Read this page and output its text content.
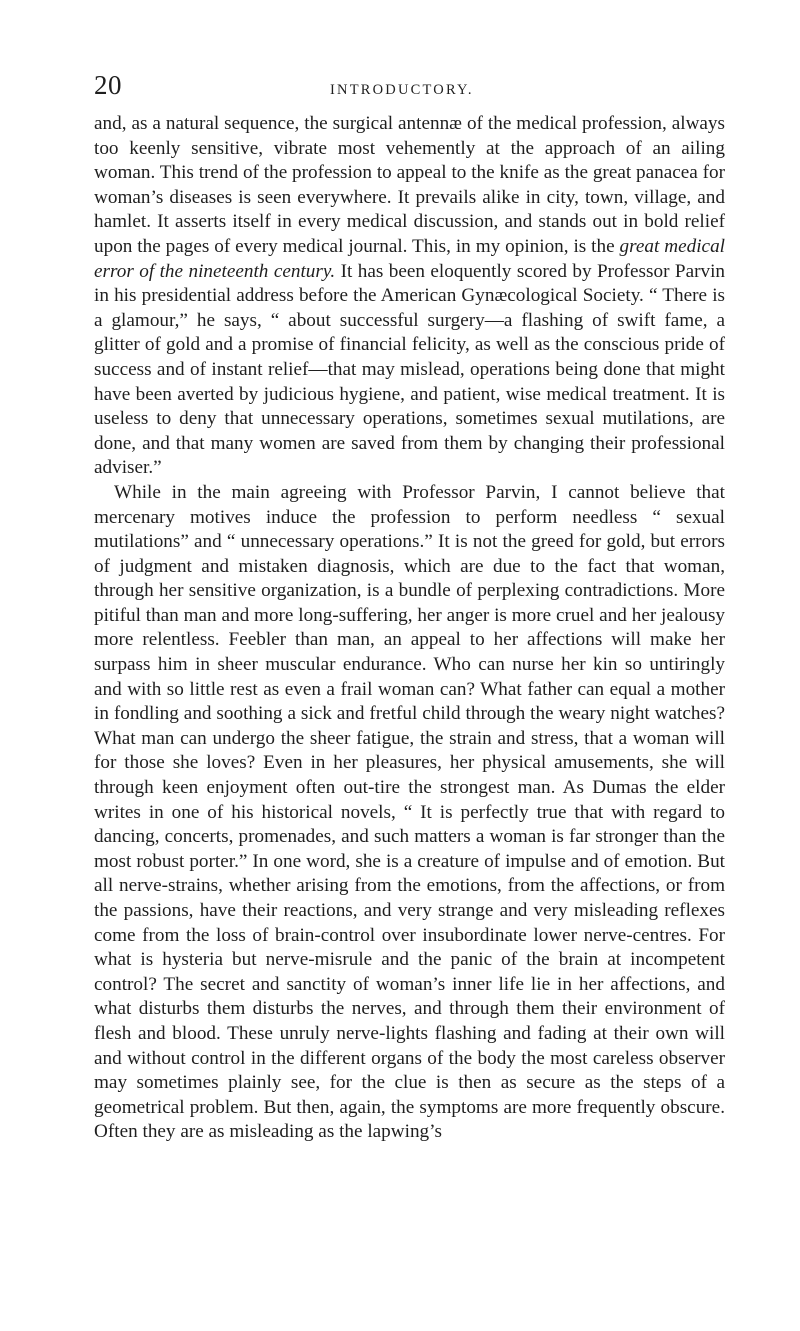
20	INTRODUCTORY.

and, as a natural sequence, the surgical antennæ of the medical profession, always too keenly sensitive, vibrate most vehemently at the approach of an ailing woman. This trend of the profession to appeal to the knife as the great panacea for woman’s diseases is seen everywhere. It prevails alike in city, town, village, and hamlet. It asserts itself in every medical discussion, and stands out in bold relief upon the pages of every medical journal. This, in my opinion, is the great medical error of the nineteenth century. It has been eloquently scored by Professor Parvin in his presidential address before the American Gynæcological Society. “ There is a glamour,” he says, “ about successful surgery—a flashing of swift fame, a glitter of gold and a promise of financial felicity, as well as the conscious pride of success and of instant relief—that may mislead, operations being done that might have been averted by judicious hygiene, and patient, wise medical treatment. It is useless to deny that unnecessary operations, sometimes sexual mutilations, are done, and that many women are saved from them by changing their professional adviser.”

While in the main agreeing with Professor Parvin, I cannot believe that mercenary motives induce the profession to perform needless “ sexual mutilations” and “ unnecessary operations.” It is not the greed for gold, but errors of judgment and mistaken diagnosis, which are due to the fact that woman, through her sensitive organization, is a bundle of perplexing contradictions. More pitiful than man and more long-suffering, her anger is more cruel and her jealousy more relentless. Feebler than man, an appeal to her affections will make her surpass him in sheer muscular endurance. Who can nurse her kin so untiringly and with so little rest as even a frail woman can? What father can equal a mother in fondling and soothing a sick and fretful child through the weary night watches? What man can undergo the sheer fatigue, the strain and stress, that a woman will for those she loves? Even in her pleasures, her physical amusements, she will through keen enjoyment often out-tire the strongest man. As Dumas the elder writes in one of his historical novels, “ It is perfectly true that with regard to dancing, concerts, promenades, and such matters a woman is far stronger than the most robust porter.” In one word, she is a creature of impulse and of emotion. But all nerve-strains, whether arising from the emotions, from the affections, or from the passions, have their reactions, and very strange and very misleading reflexes come from the loss of brain-control over insubordinate lower nerve-centres. For what is hysteria but nerve-misrule and the panic of the brain at incompetent control? The secret and sanctity of woman’s inner life lie in her affections, and what disturbs them disturbs the nerves, and through them their environment of flesh and blood. These unruly nerve-lights flashing and fading at their own will and without control in the different organs of the body the most careless observer may sometimes plainly see, for the clue is then as secure as the steps of a geometrical problem. But then, again, the symptoms are more frequently obscure. Often they are as misleading as the lapwing’s
